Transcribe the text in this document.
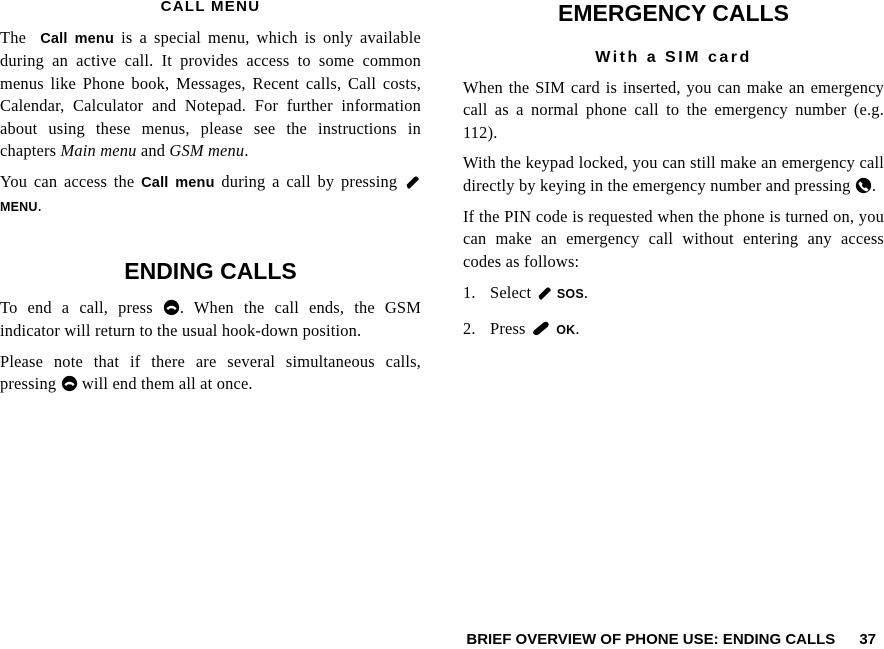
CALL MENU

The Call menu is a special menu, which is only available during an active call. It provides access to some common menus like Phone book, Messages, Recent calls, Call costs, Calendar, Calculator and Notepad. For further information about using these menus, please see the instructions in chapters Main menu and GSM menu.

You can access the Call menu during a call by pressing
MENU.

ENDING CALLS

To end a call, press . When the call ends, the GSM indicator will return to the usual hook-down position.

Please note that if there are several simultaneous calls, pressing will end them all at once.

EMERGENCY CALLS
With a SIM card

When the SIM card is inserted, you can make an emergency call as a normal phone call to the emergency number (e.g. 112).

With the keypad locked, you can still make an emergency call directly by keying in the emergency number and pressing .

If the PIN code is requested when the phone is turned on, you can make an emergency call without entering any access codes as follows:

1. Select SOS.

2. Press OK.

BRIEF OVERVIEW OF PHONE USE: ENDING CALLS 37
